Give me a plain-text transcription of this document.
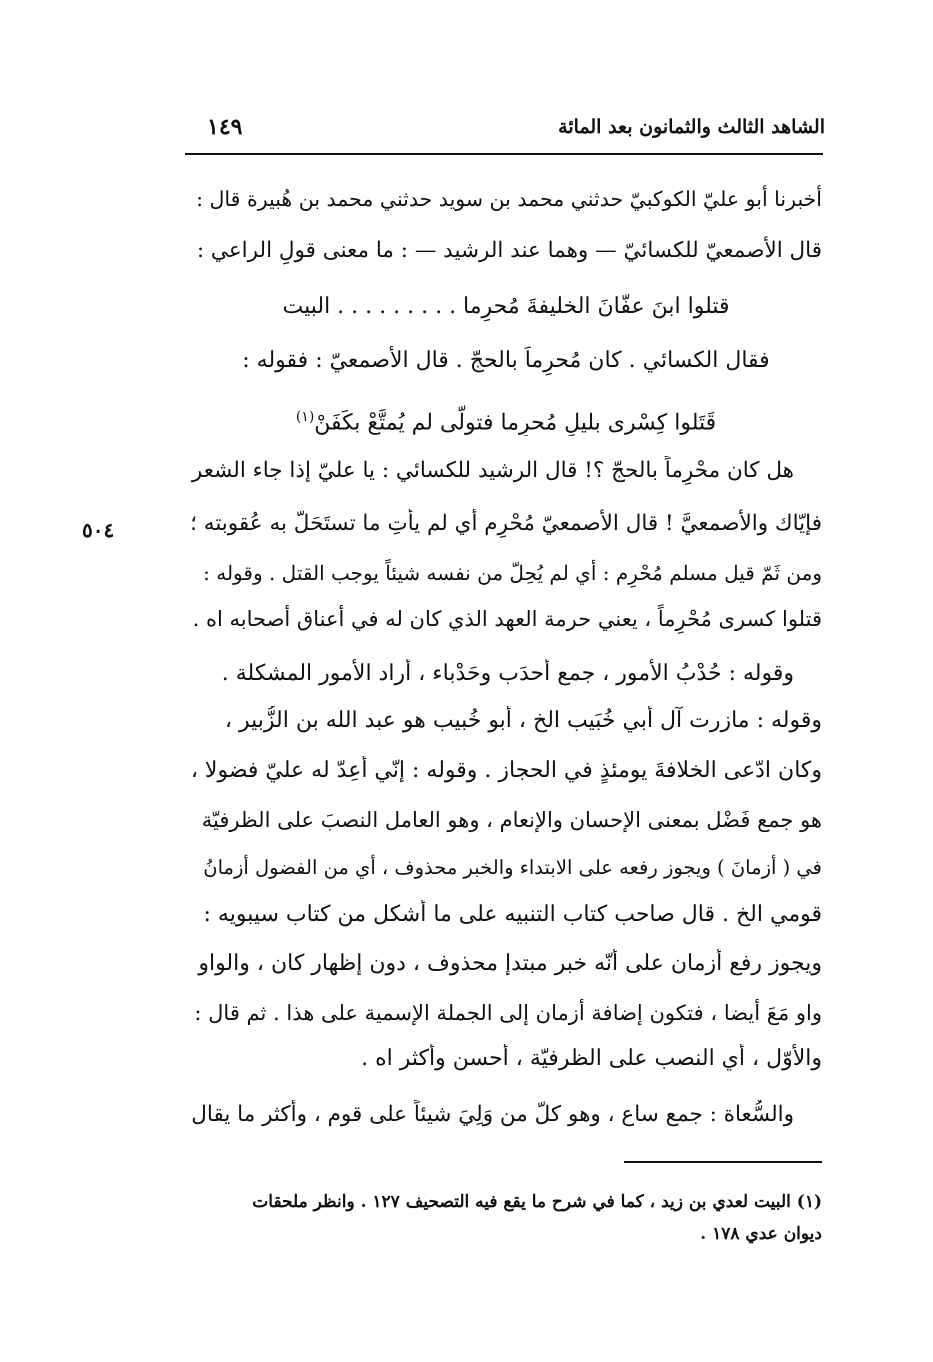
الشاهد الثالث والثمانون بعد المائة
١٤٩
٥٠٤
أخبرنا أبو عليّ الكوكبيّ حدثني محمد بن سويد حدثني محمد بن هُبيرة قال :
قال الأصمعيّ للكسائيّ — وهما عند الرشيد — : ما معنى قولِ الراعي :
قتلوا ابنَ عفّانَ الخليفةَ مُحرِما . . . . . . . . . البيت
فقال الكسائي . كان مُحرِماً بالحجّ . قال الأصمعيّ : فقوله :
قَتَلوا كِسْرى بليلٍ مُحرِما فتولّى لم يُمتَّعْ بكَفَنْ$^{(١)}$
هل كان محْرِماً بالحجّ ؟! قال الرشيد للكسائي : يا عليّ إذا جاء الشعر
فإيّاك والأصمعيَّ ! قال الأصمعيّ مُحْرِم أي لم يأتِ ما تستَحَلّ به عُقوبته ؛
ومن ثَمّ قيل مسلم مُحْرِم : أي لم يُحِلّ من نفسه شيئاً يوجب القتل . وقوله :
قتلوا كسرى مُحْرِماً ، يعني حرمة العهد الذي كان له في أعناق أصحابه اه .
وقوله : حُدْبُ الأمور ، جمع أحدَب وحَدْباء ، أراد الأمور المشكلة .
وقوله : مازرت آل أبي خُبَيب الخ ، أبو خُبيب هو عبد الله بن الزُّبير ،
وكان ادّعى الخلافةَ يومئذٍ في الحجاز . وقوله : إنّي أُعِدّ له عليّ فضولا ،
هو جمع فَضْل بمعنى الإحسان والإنعام ، وهو العامل النصبَ على الظرفيّة
في ( أزمانَ ) ويجوز رفعه على الابتداء والخبر محذوف ، أي من الفضول أزمانُ
قومي الخ . قال صاحب كتاب التنبيه على ما أشكل من كتاب سيبويه :
ويجوز رفع أزمان على أنّه خبر مبتدإ محذوف ، دون إظهار كان ، والواو
واو مَعَ أيضا ، فتكون إضافة أزمان إلى الجملة الإسمية على هذا . ثم قال :
والأوّل ، أي النصب على الظرفيّة ، أحسن وأكثر اه .
والسُّعاة : جمع ساع ، وهو كلّ من وَلِيَ شيئاً على قوم ، وأكثر ما يقال
(١) البيت لعدي بن زيد ، كما في شرح ما يقع فيه التصحيف ١٢٧ . وانظر ملحقات
ديوان عدي ١٧٨ .
